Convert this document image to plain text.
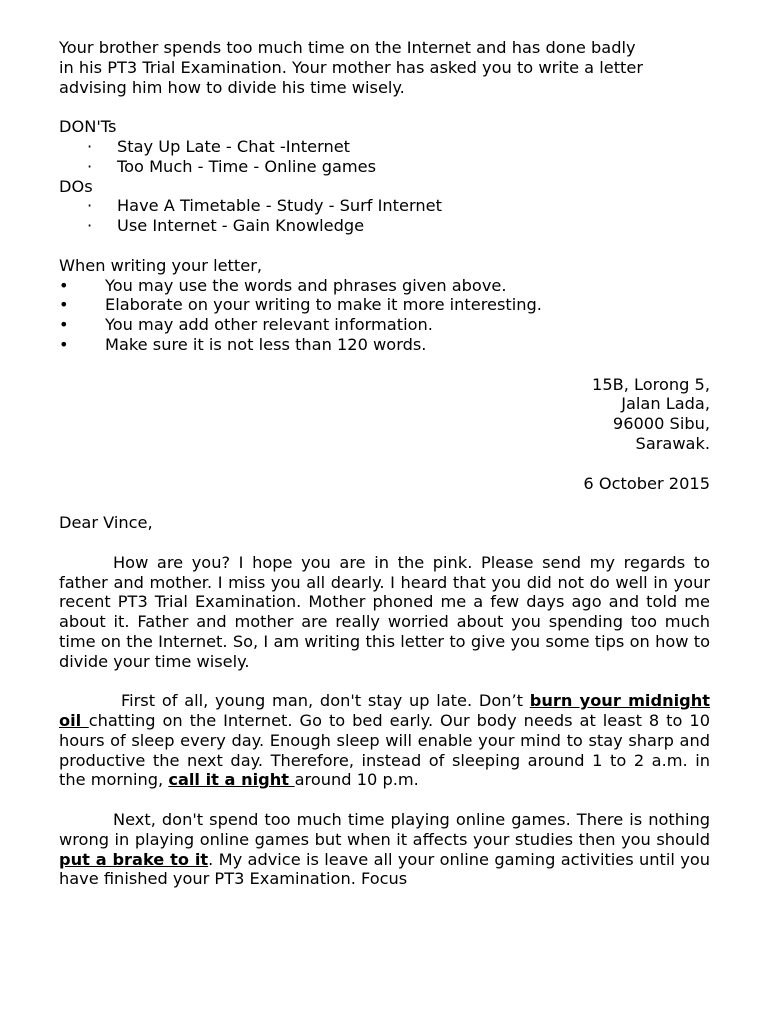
Your brother spends too much time on the Internet and has done badly

in his PT3 Trial Examination. Your mother has asked you to write a letter

advising him how to divide his time wisely.

DON'Ts

·	Stay Up Late - Chat -Internet
·	Too Much - Time - Online games

DOs

·	Have A Timetable - Study - Surf Internet
·	Use Internet - Gain Knowledge

When writing your letter,

•	You may use the words and phrases given above.
•	Elaborate on your writing to make it more interesting.
•	You may add other relevant information.
•	Make sure it is not less than 120 words.

15B, Lorong 5,

Jalan Lada,

96000 Sibu,

Sarawak.

6 October 2015

Dear Vince,

How are you? I hope you are in the pink. Please send my regards to father and mother. I miss you all dearly. I heard that you did not do well in your recent PT3 Trial Examination. Mother phoned me a few days ago and told me about it. Father and mother are really worried about you spending too much time on the Internet. So, I am writing this letter to give you some tips on how to divide your time wisely.

First of all, young man, don't stay up late. Don’t burn your midnight oil chatting on the Internet. Go to bed early. Our body needs at least 8 to 10 hours of sleep every day. Enough sleep will enable your mind to stay sharp and productive the next day. Therefore, instead of sleeping around 1 to 2 a.m. in the morning, call it a night around 10 p.m.

Next, don't spend too much time playing online games. There is nothing wrong in playing online games but when it affects your studies then you should put a brake to it. My advice is leave all your online gaming activities until you have finished your PT3 Examination. Focus
